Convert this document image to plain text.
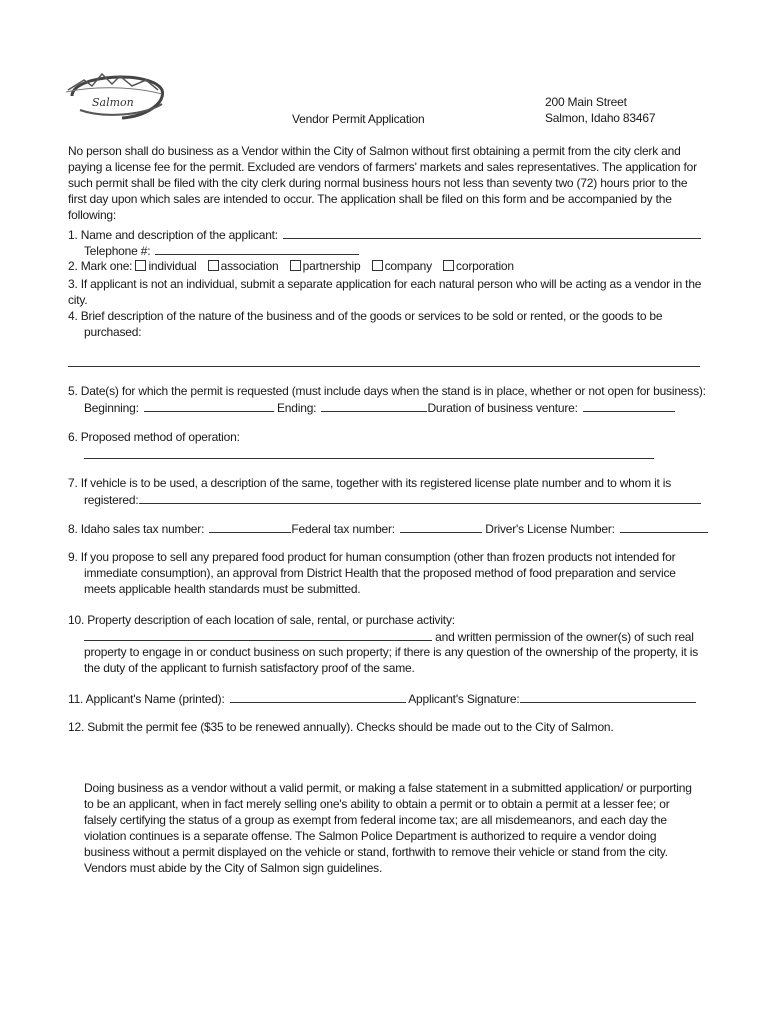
Salmon	200 Main Street
Salmon, Idaho 83467
Vendor Permit Application
No person shall do business as a Vendor within the City of Salmon without first obtaining a permit from the city clerk and paying a license fee for the permit. Excluded are vendors of farmers' markets and sales representatives. The application for such permit shall be filed with the city clerk during normal business hours not less than seventy two (72) hours prior to the first day upon which sales are intended to occur. The application shall be filed on this form and be accompanied by the following:
1. Name and description of the applicant:
Telephone #:
2. Mark one: individual association partnership company corporation
3. If applicant is not an individual, submit a separate application for each natural person who will be acting as a vendor in the city.
4. Brief description of the nature of the business and of the goods or services to be sold or rented, or the goods to be
purchased:
5. Date(s) for which the permit is requested (must include days when the stand is in place, whether or not open for business):
Beginning:	Ending:	Duration of business venture:
6. Proposed method of operation:
7. If vehicle is to be used, a description of the same, together with its registered license plate number and to whom it is
registered:
8. Idaho sales tax number:	Federal tax number:	Driver's License Number:
9. If you propose to sell any prepared food product for human consumption (other than frozen products not intended for immediate consumption), an approval from District Health that the proposed method of food preparation and service meets applicable health standards must be submitted.
10. Property description of each location of sale, rental, or purchase activity:
and written permission of the owner(s) of such real
property to engage in or conduct business on such property; if there is any question of the ownership of the property, it is the duty of the applicant to furnish satisfactory proof of the same.
11. Applicant's Name (printed):	Applicant's Signature:
12. Submit the permit fee ($35 to be renewed annually). Checks should be made out to the City of Salmon.
Doing business as a vendor without a valid permit, or making a false statement in a submitted application/ or purporting to be an applicant, when in fact merely selling one's ability to obtain a permit or to obtain a permit at a lesser fee; or falsely certifying the status of a group as exempt from federal income tax; are all misdemeanors, and each day the violation continues is a separate offense. The Salmon Police Department is authorized to require a vendor doing business without a permit displayed on the vehicle or stand, forthwith to remove their vehicle or stand from the city. Vendors must abide by the City of Salmon sign guidelines.
